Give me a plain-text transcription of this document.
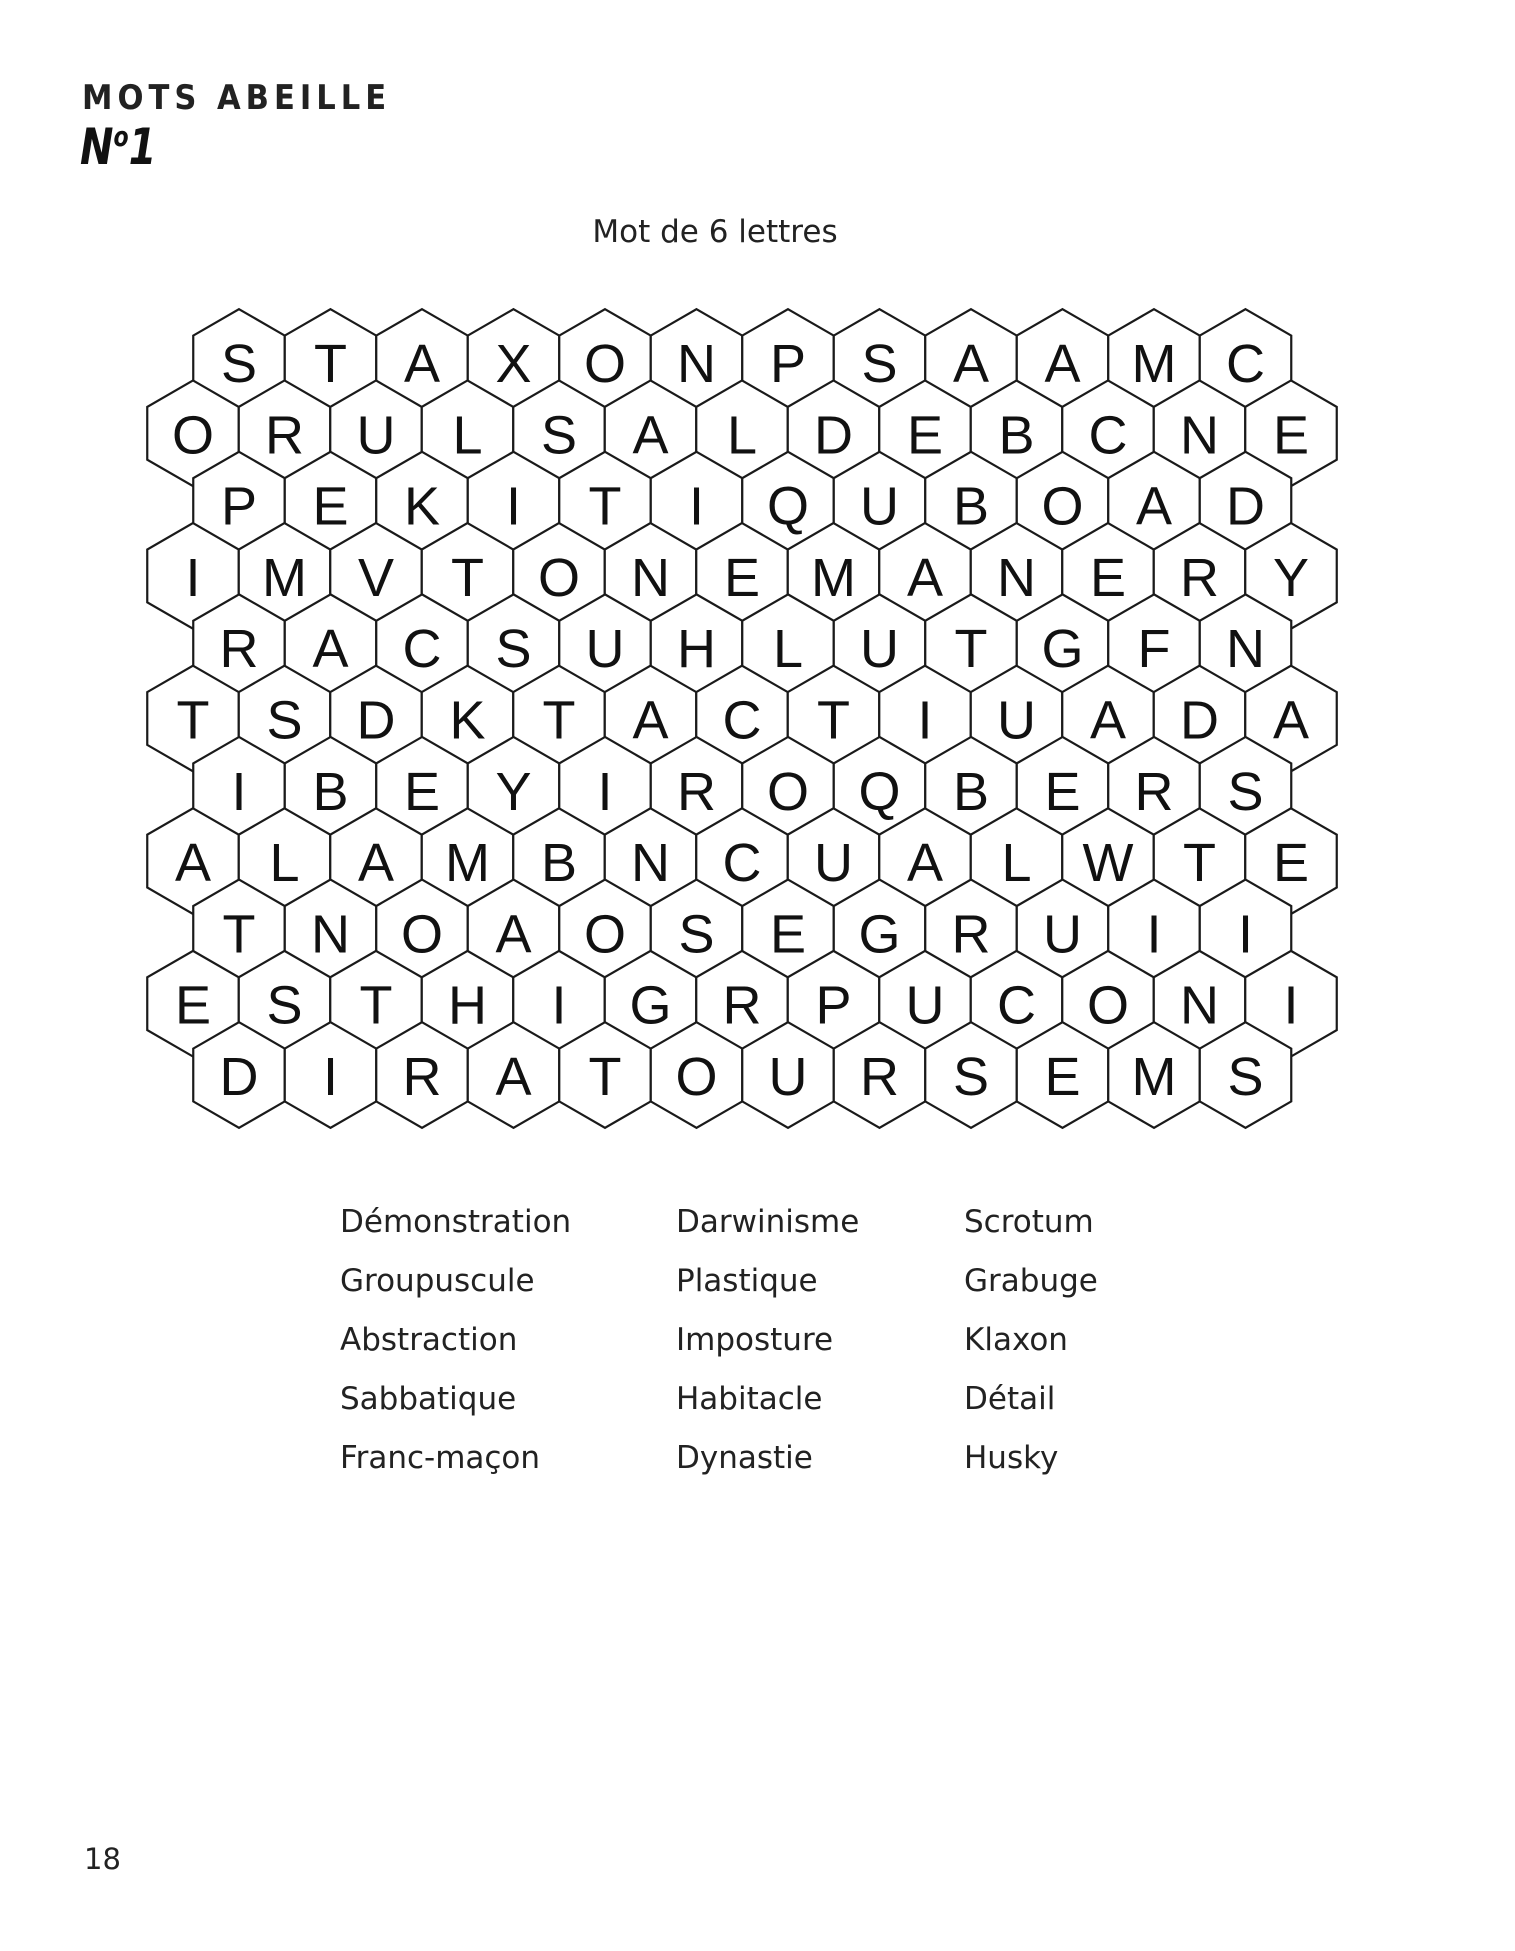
MOTS ABEILLE
$N^o1$
Mot de 6 lettres
S T A X O N P S A A M C
O R U L S A L D E B C N E
P E K I T I Q U B O A D
I M V T O N E M A N E R Y
R A C S U H L U T G F N
T S D K T A C T I U A D A
I B E Y I R O Q B E R S
A L A M B N C U A L W T E
T N O A O S E G R U I I
E S T H I G R P U C O N I
D I R A T O U R S E M S
Démonstration
Groupuscule
Abstraction
Sabbatique
Franc-maçon
Darwinisme
Plastique
Imposture
Habitacle
Dynastie
Scrotum
Grabuge
Klaxon
Détail
Husky
18
